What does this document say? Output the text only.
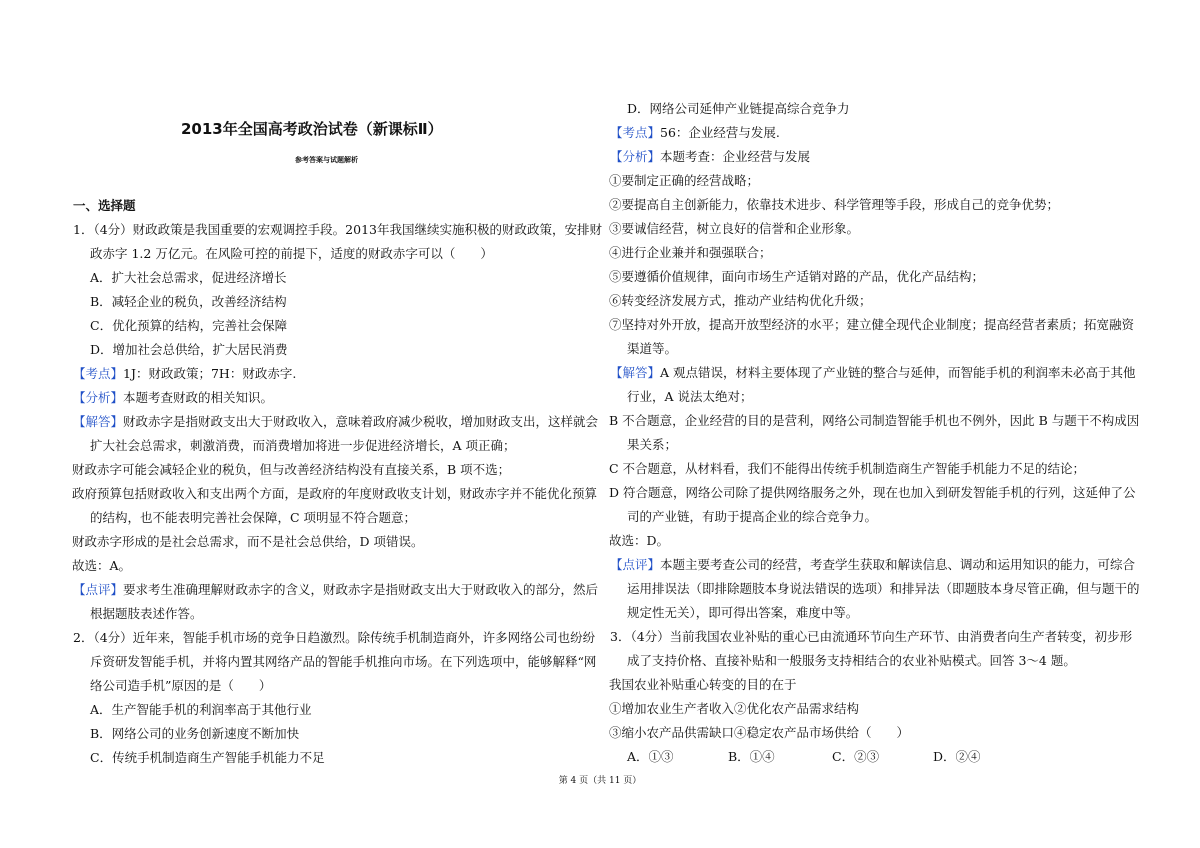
2013年全国高考政治试卷（新课标Ⅱ）
参考答案与试题解析
一、选择题
1．（4分）财政政策是我国重要的宏观调控手段。2013年我国继续实施积极的财政政策，安排财
政赤字 1.2 万亿元。在风险可控的前提下，适度的财政赤字可以（　　）
A．扩大社会总需求，促进经济增长
B．减轻企业的税负，改善经济结构
C．优化预算的结构，完善社会保障
D．增加社会总供给，扩大居民消费
【考点】1J：财政政策；7H：财政赤字.
【分析】本题考查财政的相关知识。
【解答】财政赤字是指财政支出大于财政收入，意味着政府减少税收，增加财政支出，这样就会
扩大社会总需求，刺激消费，而消费增加将进一步促进经济增长，A 项正确；
财政赤字可能会减轻企业的税负，但与改善经济结构没有直接关系，B 项不选；
政府预算包括财政收入和支出两个方面，是政府的年度财政收支计划，财政赤字并不能优化预算
的结构，也不能表明完善社会保障，C 项明显不符合题意；
财政赤字形成的是社会总需求，而不是社会总供给，D 项错误。
故选：A。
【点评】要求考生准确理解财政赤字的含义，财政赤字是指财政支出大于财政收入的部分，然后
根据题肢表述作答。
2．（4分）近年来，智能手机市场的竞争日趋激烈。除传统手机制造商外，许多网络公司也纷纷
斥资研发智能手机，并将内置其网络产品的智能手机推向市场。在下列选项中，能够解释“网
络公司造手机”原因的是（　　）
A．生产智能手机的利润率高于其他行业
B．网络公司的业务创新速度不断加快
C．传统手机制造商生产智能手机能力不足
D．网络公司延伸产业链提高综合竞争力
【考点】56：企业经营与发展.
【分析】本题考查：企业经营与发展
①要制定正确的经营战略；
②要提高自主创新能力，依靠技术进步、科学管理等手段，形成自己的竞争优势；
③要诚信经营，树立良好的信誉和企业形象。
④进行企业兼并和强强联合；
⑤要遵循价值规律，面向市场生产适销对路的产品，优化产品结构；
⑥转变经济发展方式，推动产业结构优化升级；
⑦坚持对外开放，提高开放型经济的水平；建立健全现代企业制度；提高经营者素质；拓宽融资
渠道等。
【解答】A 观点错误，材料主要体现了产业链的整合与延伸，而智能手机的利润率未必高于其他
行业，A 说法太绝对；
B 不合题意，企业经营的目的是营利，网络公司制造智能手机也不例外，因此 B 与题干不构成因
果关系；
C 不合题意，从材料看，我们不能得出传统手机制造商生产智能手机能力不足的结论；
D 符合题意，网络公司除了提供网络服务之外，现在也加入到研发智能手机的行列，这延伸了公
司的产业链，有助于提高企业的综合竞争力。
故选：D。
【点评】本题主要考查公司的经营，考查学生获取和解读信息、调动和运用知识的能力，可综合
运用排误法（即排除题肢本身说法错误的选项）和排异法（即题肢本身尽管正确，但与题干的
规定性无关），即可得出答案，难度中等。
3．（4分）当前我国农业补贴的重心已由流通环节向生产环节、由消费者向生产者转变，初步形
成了支持价格、直接补贴和一般服务支持相结合的农业补贴模式。回答 3～4 题。
我国农业补贴重心转变的目的在于
①增加农业生产者收入②优化农产品需求结构
③缩小农产品供需缺口④稳定农产品市场供给（　　）
A．①③	B．①④	C．②③	D．②④
第 4 页（共 11 页）
